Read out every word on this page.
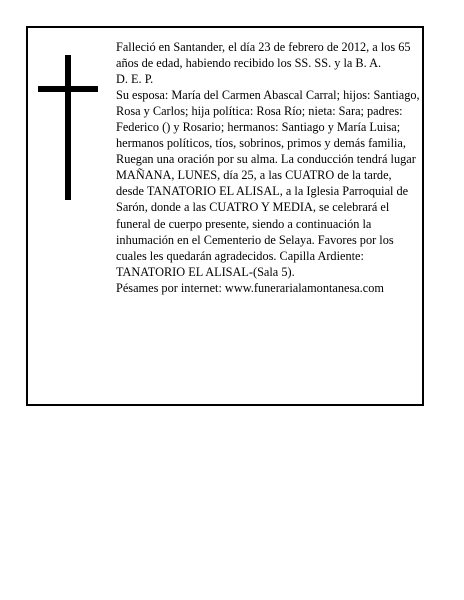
Falleció en Santander, el día 23 de febrero de 2012, a los 65 años de edad, habiendo recibido los SS. SS. y la B. A.

D. E. P.

Su esposa: María del Carmen Abascal Carral; hijos: Santiago, Rosa y Carlos; hija política: Rosa Río; nieta: Sara; padres: Federico () y Rosario; hermanos: Santiago y María Luisa; hermanos políticos, tíos, sobrinos, primos y demás familia,

Ruegan una oración por su alma. La conducción tendrá lugar MAÑANA, LUNES, día 25, a las CUATRO de la tarde, desde TANATORIO EL ALISAL, a la Iglesia Parroquial de Sarón, donde a las CUATRO Y MEDIA, se celebrará el funeral de cuerpo presente, siendo a continuación la inhumación en el Cementerio de Selaya. Favores por los cuales les quedarán agradecidos. Capilla Ardiente: TANATORIO EL ALISAL-(Sala 5).

Pésames por internet: www.funerarialamontanesa.com
